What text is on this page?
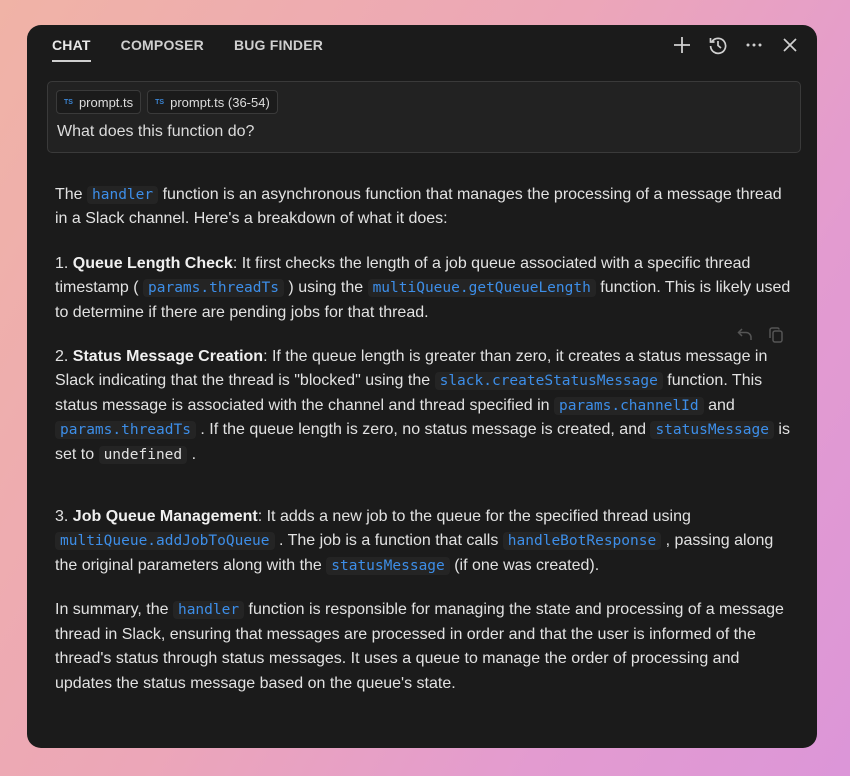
CHAT COMPOSER BUG FINDER
TS prompt.ts	TS prompt.ts (36-54)
What does this function do?

The handler function is an asynchronous function that manages the processing of a message thread in a Slack channel. Here's a breakdown of what it does:

1. Queue Length Check: It first checks the length of a job queue associated with a specific thread timestamp ( params.threadTs ) using the multiQueue.getQueueLength function. This is likely used to determine if there are pending jobs for that thread.

2. Status Message Creation: If the queue length is greater than zero, it creates a status message in Slack indicating that the thread is "blocked" using the slack.createStatusMessage function. This status message is associated with the channel and thread specified in params.channelId and params.threadTs . If the queue length is zero, no status message is created, and statusMessage is set to undefined .

3. Job Queue Management: It adds a new job to the queue for the specified thread using multiQueue.addJobToQueue . The job is a function that calls handleBotResponse , passing along the original parameters along with the statusMessage (if one was created).

In summary, the handler function is responsible for managing the state and processing of a message thread in Slack, ensuring that messages are processed in order and that the user is informed of the thread's status through status messages. It uses a queue to manage the order of processing and updates the status message based on the queue's state.
